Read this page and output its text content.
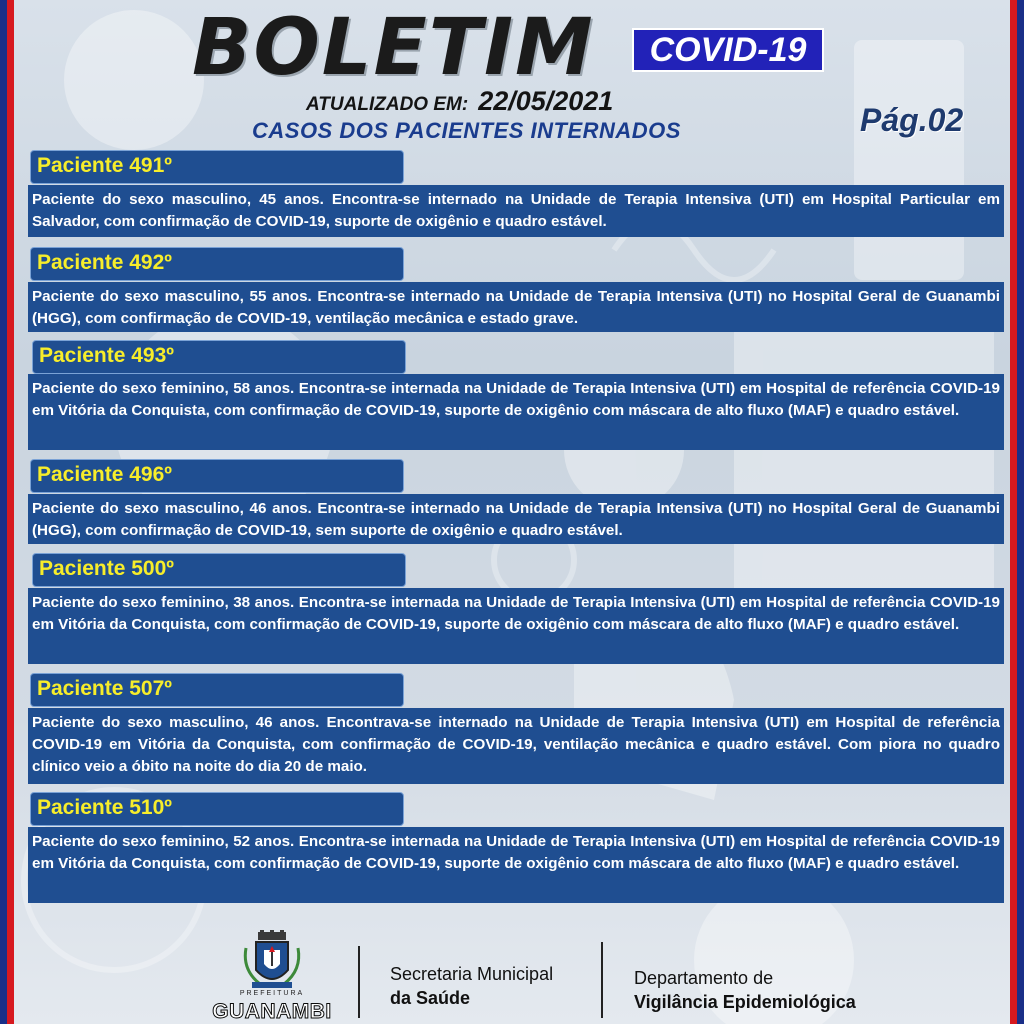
BOLETIM	COVID-19
ATUALIZADO EM: 22/05/2021
CASOS DOS PACIENTES INTERNADOS	Pág.02
Paciente 491º
Paciente do sexo masculino, 45 anos. Encontra-se internado na Unidade de Terapia Intensiva (UTI) em Hospital Particular em Salvador, com confirmação de COVID-19, suporte de oxigênio e quadro estável.
Paciente 492º
Paciente do sexo masculino, 55 anos. Encontra-se internado na Unidade de Terapia Intensiva (UTI) no Hospital Geral de Guanambi (HGG), com confirmação de COVID-19, ventilação mecânica e estado grave.
Paciente 493º
Paciente do sexo feminino, 58 anos. Encontra-se internada na Unidade de Terapia Intensiva (UTI) em Hospital de referência COVID-19 em Vitória da Conquista, com confirmação de COVID-19, suporte de oxigênio com máscara de alto fluxo (MAF) e quadro estável.
Paciente 496º
Paciente do sexo masculino, 46 anos. Encontra-se internado na Unidade de Terapia Intensiva (UTI) no Hospital Geral de Guanambi (HGG), com confirmação de COVID-19, sem suporte de oxigênio e quadro estável.
Paciente 500º
Paciente do sexo feminino, 38 anos. Encontra-se internada na Unidade de Terapia Intensiva (UTI) em Hospital de referência COVID-19 em Vitória da Conquista, com confirmação de COVID-19, suporte de oxigênio com máscara de alto fluxo (MAF) e quadro estável.
Paciente 507º
Paciente do sexo masculino, 46 anos. Encontrava-se internado na Unidade de Terapia Intensiva (UTI) em Hospital de referência COVID-19 em Vitória da Conquista, com confirmação de COVID-19, ventilação mecânica e quadro estável. Com piora no quadro clínico veio a óbito na noite do dia 20 de maio.
Paciente 510º
Paciente do sexo feminino, 52 anos. Encontra-se internada na Unidade de Terapia Intensiva (UTI) em Hospital de referência COVID-19 em Vitória da Conquista, com confirmação de COVID-19, suporte de oxigênio com máscara de alto fluxo (MAF) e quadro estável.
PREFEITURA
GUANAMBI
Secretaria Municipal
da Saúde
Departamento de
Vigilância Epidemiológica
